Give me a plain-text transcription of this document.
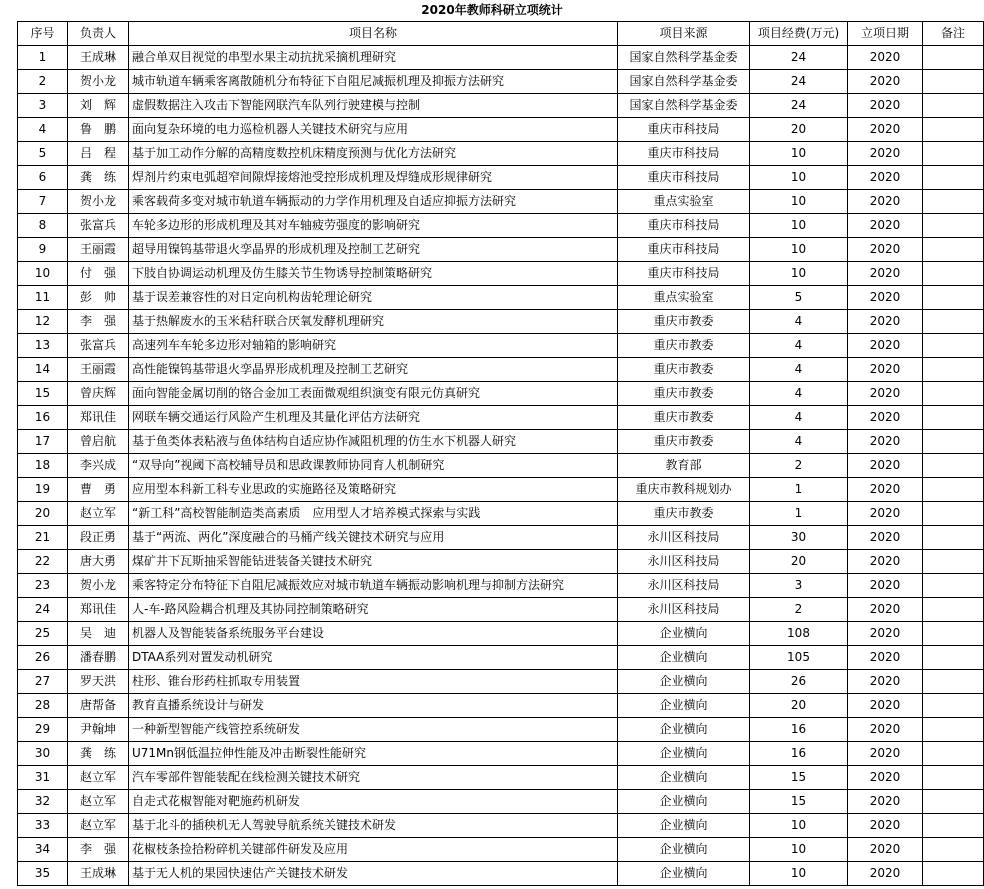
2020年教师科研立项统计
序号	负责人	项目名称	项目来源	项目经费(万元)	立项日期	备注
1	王成琳	融合单双目视觉的串型水果主动抗扰采摘机理研究	国家自然科学基金委	24	2020	
2	贺小龙	城市轨道车辆乘客离散随机分布特征下自阻尼减振机理及抑振方法研究	国家自然科学基金委	24	2020	
3	刘　辉	虚假数据注入攻击下智能网联汽车队列行驶建模与控制	国家自然科学基金委	24	2020	
4	鲁　鹏	面向复杂环境的电力巡检机器人关键技术研究与应用	重庆市科技局	20	2020	
5	吕　程	基于加工动作分解的高精度数控机床精度预测与优化方法研究	重庆市科技局	10	2020	
6	龚　练	焊剂片约束电弧超窄间隙焊接熔池受控形成机理及焊缝成形规律研究	重庆市科技局	10	2020	
7	贺小龙	乘客载荷多变对城市轨道车辆振动的力学作用机理及自适应抑振方法研究	重点实验室	10	2020	
8	张富兵	车轮多边形的形成机理及其对车轴疲劳强度的影响研究	重庆市科技局	10	2020	
9	王丽霞	超导用镍钨基带退火孪晶界的形成机理及控制工艺研究	重庆市科技局	10	2020	
10	付　强	下肢自协调运动机理及仿生膝关节生物诱导控制策略研究	重庆市科技局	10	2020	
11	彭　帅	基于误差兼容性的对日定向机构齿轮理论研究	重点实验室	5	2020	
12	李　强	基于热解废水的玉米秸秆联合厌氧发酵机理研究	重庆市教委	4	2020	
13	张富兵	高速列车车轮多边形对轴箱的影响研究	重庆市教委	4	2020	
14	王丽霞	高性能镍钨基带退火孪晶界形成机理及控制工艺研究	重庆市教委	4	2020	
15	曾庆辉	面向智能金属切削的铬合金加工表面微观组织演变有限元仿真研究	重庆市教委	4	2020	
16	郑讯佳	网联车辆交通运行风险产生机理及其量化评估方法研究	重庆市教委	4	2020	
17	曾启航	基于鱼类体表粘液与鱼体结构自适应协作减阻机理的仿生水下机器人研究	重庆市教委	4	2020	
18	李兴成	“双导向”视阈下高校辅导员和思政课教师协同育人机制研究	教育部	2	2020	
19	曹　勇	应用型本科新工科专业思政的实施路径及策略研究	重庆市教科规划办	1	2020	
20	赵立军	“新工科”高校智能制造类高素质　应用型人才培养模式探索与实践	重庆市教委	1	2020	
21	段正勇	基于“两流、两化”深度融合的马桶产线关键技术研究与应用	永川区科技局	30	2020	
22	唐大勇	煤矿井下瓦斯抽采智能钻进装备关键技术研究	永川区科技局	20	2020	
23	贺小龙	乘客特定分布特征下自阻尼减振效应对城市轨道车辆振动影响机理与抑制方法研究	永川区科技局	3	2020	
24	郑讯佳	人-车-路风险耦合机理及其协同控制策略研究	永川区科技局	2	2020	
25	吴　迪	机器人及智能装备系统服务平台建设	企业横向	108	2020	
26	潘春鹏	DTAA系列对置发动机研究	企业横向	105	2020	
27	罗天洪	柱形、锥台形药柱抓取专用装置	企业横向	26	2020	
28	唐帮备	教育直播系统设计与研发	企业横向	20	2020	
29	尹翰坤	一种新型智能产线管控系统研发	企业横向	16	2020	
30	龚　练	U71Mn钢低温拉伸性能及冲击断裂性能研究	企业横向	16	2020	
31	赵立军	汽车零部件智能装配在线检测关键技术研究	企业横向	15	2020	
32	赵立军	自走式花椒智能对靶施药机研发	企业横向	15	2020	
33	赵立军	基于北斗的插秧机无人驾驶导航系统关键技术研发	企业横向	10	2020	
34	李　强	花椒枝条捡拾粉碎机关键部件研发及应用	企业横向	10	2020	
35	王成琳	基于无人机的果园快速估产关键技术研发	企业横向	10	2020	
